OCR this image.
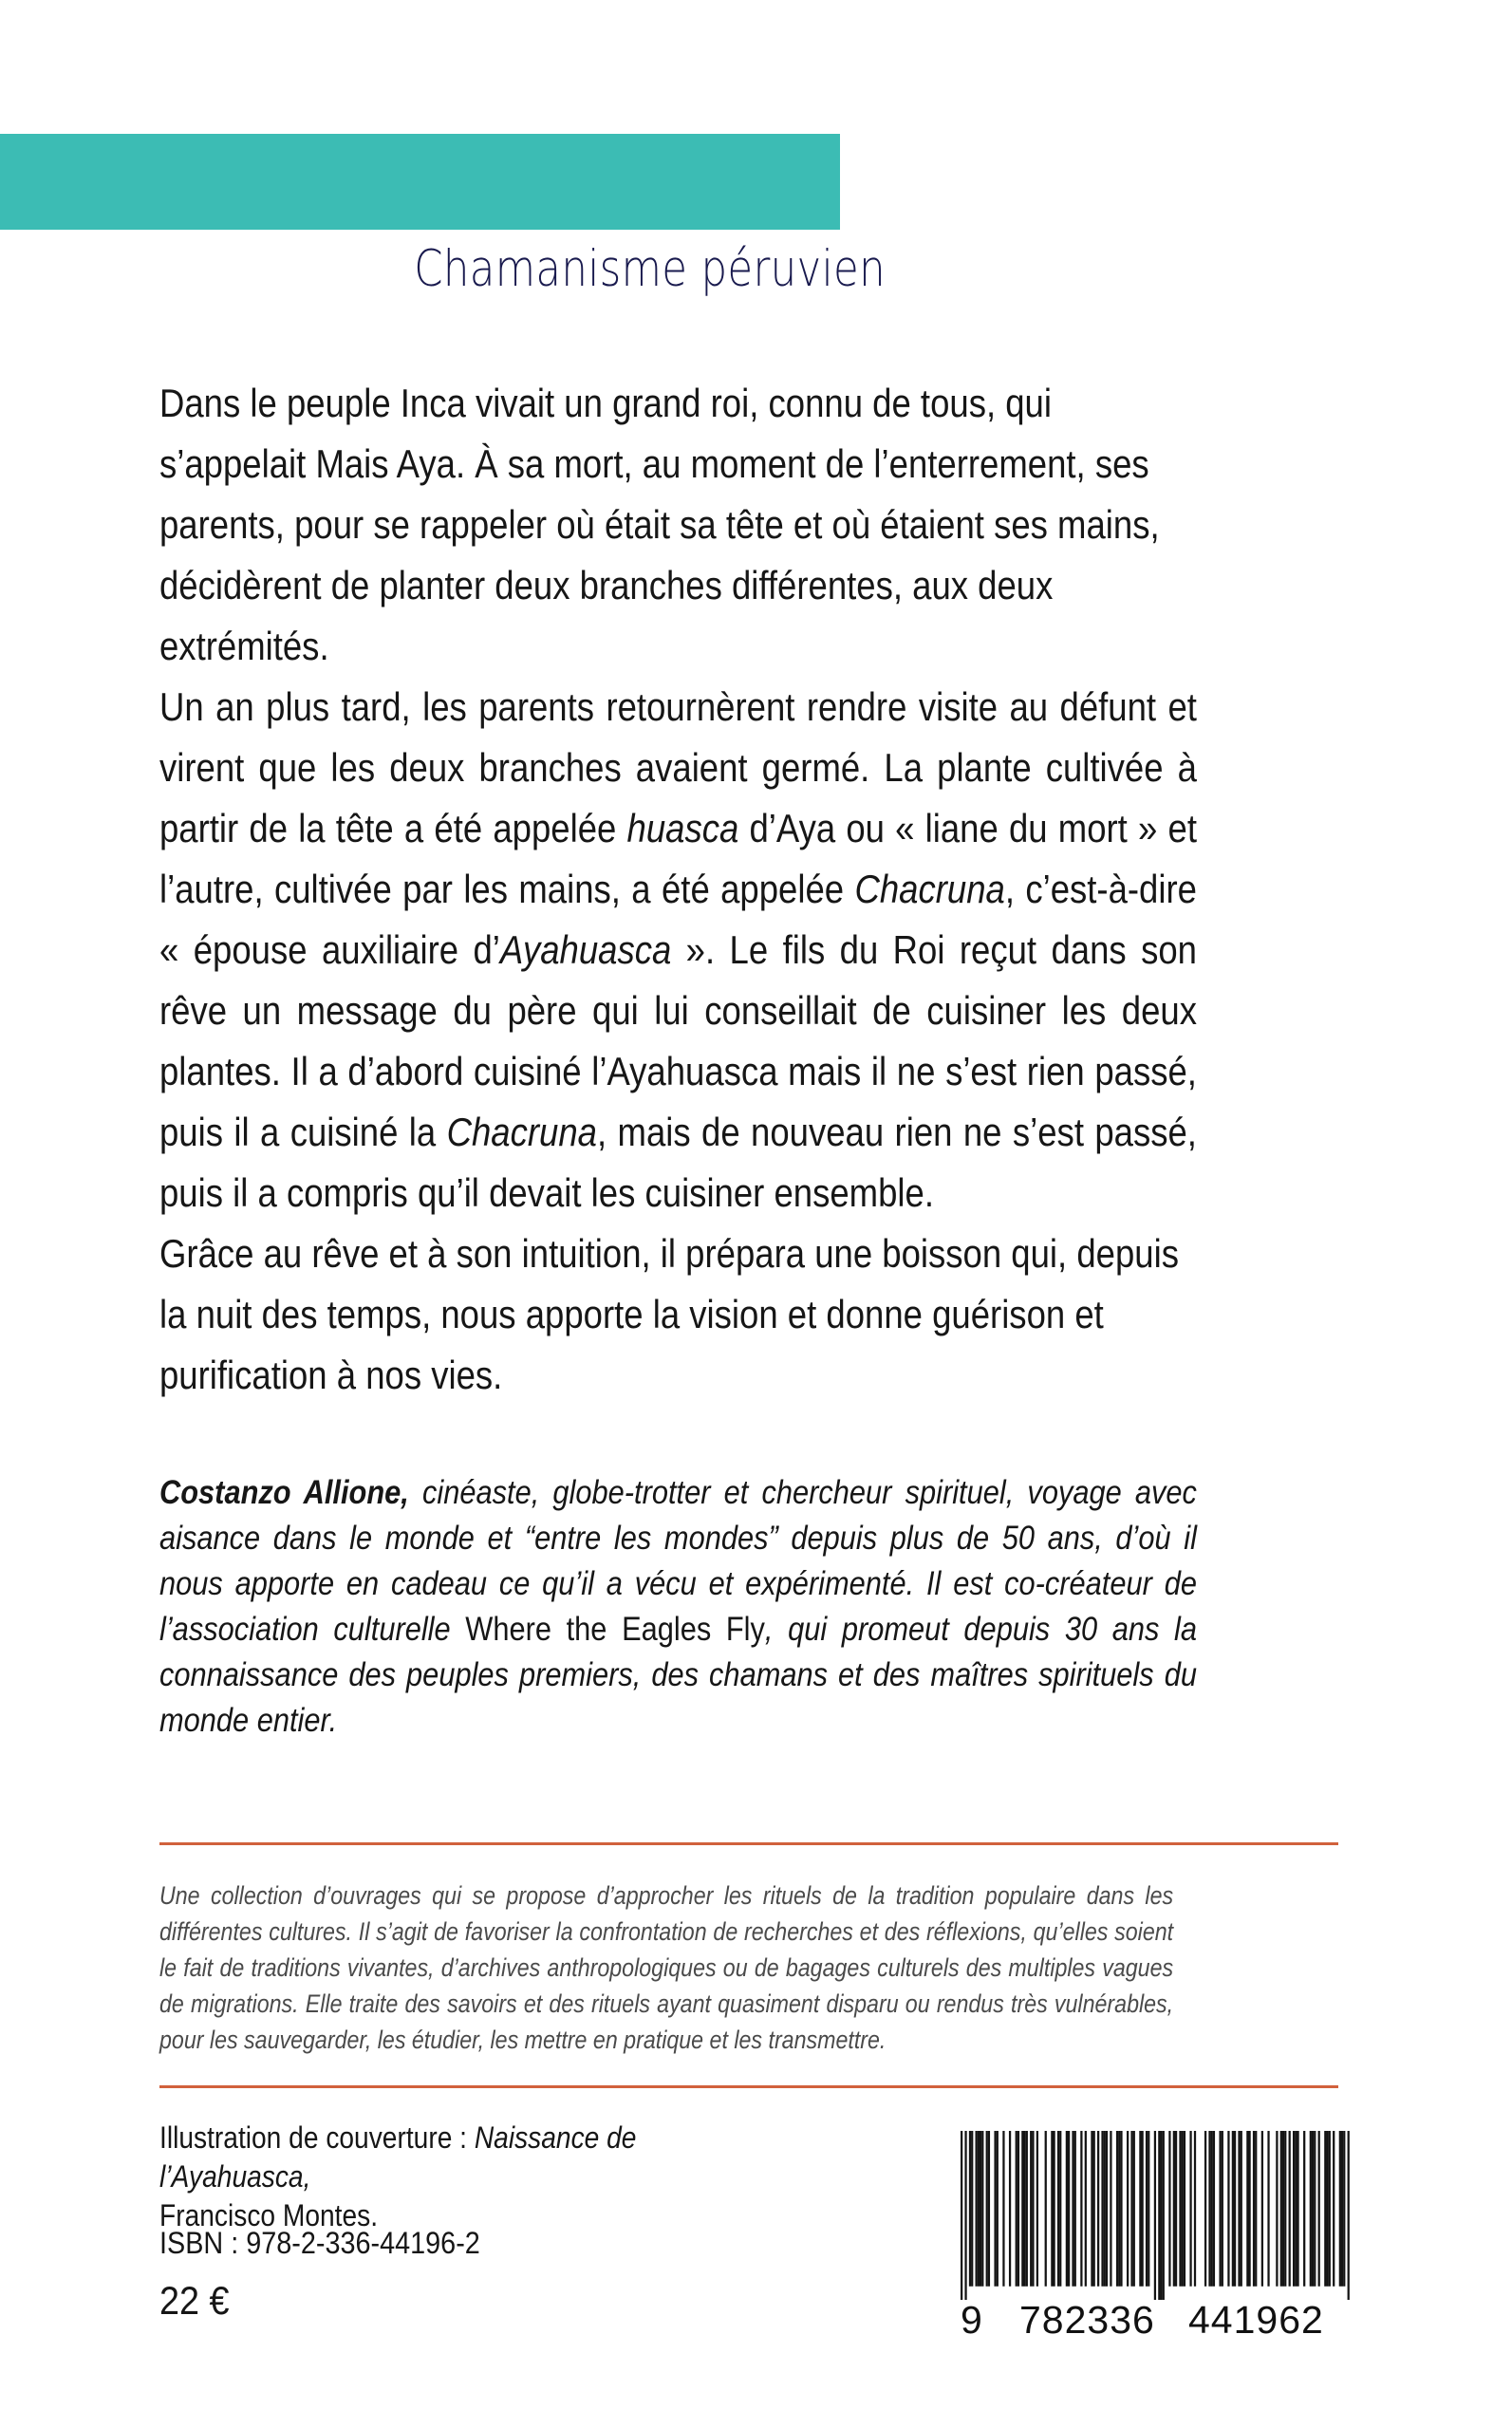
Chamanisme péruvien

Dans le peuple Inca vivait un grand roi, connu de tous, qui s’appelait Mais Aya. À sa mort, au moment de l’enterrement, ses parents, pour se rappeler où était sa tête et où étaient ses mains, décidèrent de planter deux branches différentes, aux deux extrémités.

Un an plus tard, les parents retournèrent rendre visite au défunt et virent que les deux branches avaient germé. La plante cultivée à partir de la tête a été appelée huasca d’Aya ou « liane du mort » et l’autre, cultivée par les mains, a été appelée Chacruna, c’est-à-dire « épouse auxiliaire d’Ayahuasca ». Le fils du Roi reçut dans son rêve un message du père qui lui conseillait de cuisiner les deux plantes. Il a d’abord cuisiné l’Ayahuasca mais il ne s’est rien passé, puis il a cuisiné la Chacruna, mais de nouveau rien ne s’est passé, puis il a compris qu’il devait les cuisiner ensemble.

Grâce au rêve et à son intuition, il prépara une boisson qui, depuis la nuit des temps, nous apporte la vision et donne guérison et purification à nos vies.

Costanzo Allione, cinéaste, globe-trotter et chercheur spirituel, voyage avec aisance dans le monde et “entre les mondes” depuis plus de 50 ans, d’où il nous apporte en cadeau ce qu’il a vécu et expérimenté. Il est co-créateur de l’association culturelle Where the Eagles Fly, qui promeut depuis 30 ans la connaissance des peuples premiers, des chamans et des maîtres spirituels du monde entier.

Une collection d’ouvrages qui se propose d’approcher les rituels de la tradition populaire dans les différentes cultures. Il s’agit de favoriser la confrontation de recherches et des réflexions, qu’elles soient le fait de traditions vivantes, d’archives anthropologiques ou de bagages culturels des multiples vagues de migrations. Elle traite des savoirs et des rituels ayant quasiment disparu ou rendus très vulnérables, pour les sauvegarder, les étudier, les mettre en pratique et les transmettre.

Illustration de couverture : Naissance de l’Ayahuasca,
Francisco Montes.
ISBN : 978-2-336-44196-2
22 €	9 782336 441962
